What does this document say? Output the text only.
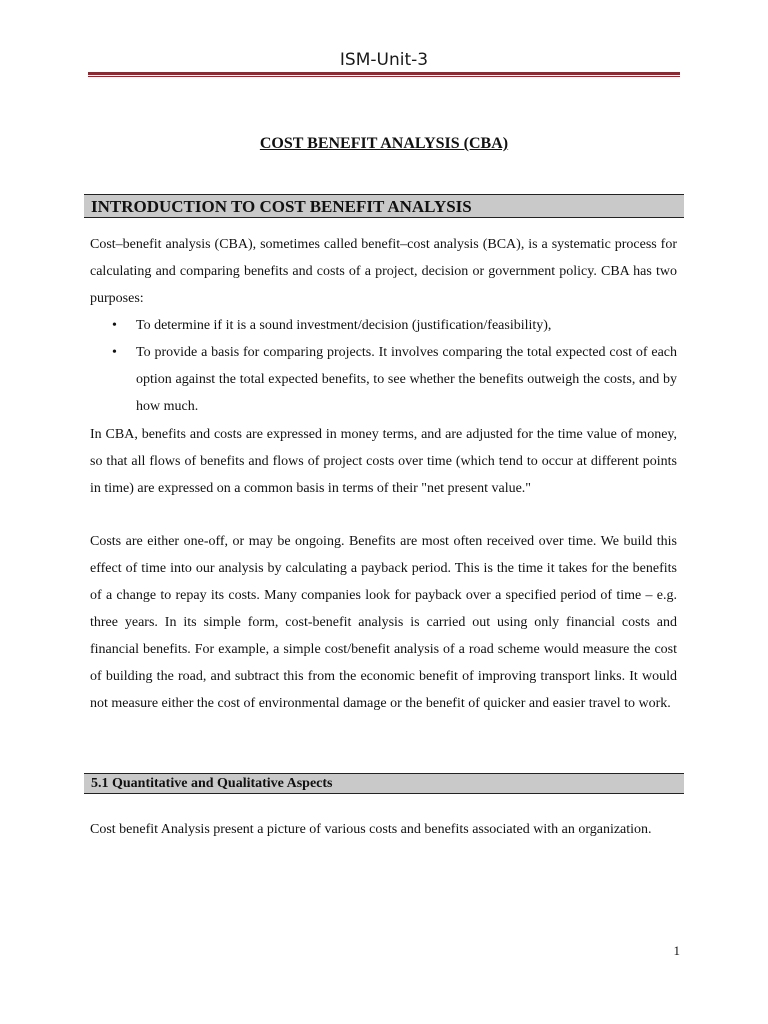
ISM-Unit-3
COST BENEFIT ANALYSIS (CBA)
INTRODUCTION TO COST BENEFIT ANALYSIS

Cost–benefit analysis (CBA), sometimes called benefit–cost analysis (BCA), is a systematic process for calculating and comparing benefits and costs of a project, decision or government policy. CBA has two purposes:

• To determine if it is a sound investment/decision (justification/feasibility),
• To provide a basis for comparing projects. It involves comparing the total expected cost of each option against the total expected benefits, to see whether the benefits outweigh the costs, and by how much.

In CBA, benefits and costs are expressed in money terms, and are adjusted for the time value of money, so that all flows of benefits and flows of project costs over time (which tend to occur at different points in time) are expressed on a common basis in terms of their "net present value."

Costs are either one-off, or may be ongoing. Benefits are most often received over time. We build this effect of time into our analysis by calculating a payback period. This is the time it takes for the benefits of a change to repay its costs. Many companies look for payback over a specified period of time – e.g. three years. In its simple form, cost-benefit analysis is carried out using only financial costs and financial benefits. For example, a simple cost/benefit analysis of a road scheme would measure the cost of building the road, and subtract this from the economic benefit of improving transport links. It would not measure either the cost of environmental damage or the benefit of quicker and easier travel to work.

5.1 Quantitative and Qualitative Aspects

Cost benefit Analysis present a picture of various costs and benefits associated with an organization.

1
